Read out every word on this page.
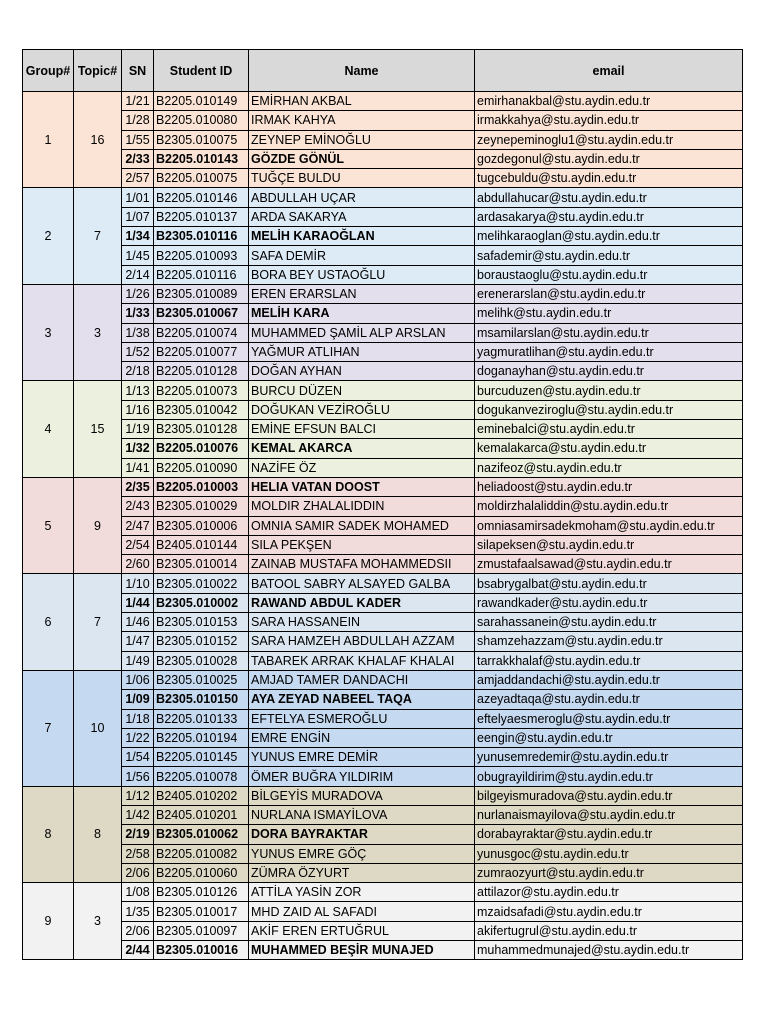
Group#	Topic#	SN	Student ID	Name	email
1	16	1/21	B2205.010149	EMİRHAN AKBAL	emirhanakbal@stu.aydin.edu.tr
		1/28	B2205.010080	IRMAK KAHYA	irmakkahya@stu.aydin.edu.tr
		1/55	B2305.010075	ZEYNEP EMİNOĞLU	zeynepeminoglu1@stu.aydin.edu.tr
		2/33	B2205.010143	GÖZDE GÖNÜL	gozdegonul@stu.aydin.edu.tr
		2/57	B2205.010075	TUĞÇE BULDU	tugcebuldu@stu.aydin.edu.tr
2	7	1/01	B2205.010146	ABDULLAH UÇAR	abdullahucar@stu.aydin.edu.tr
		1/07	B2205.010137	ARDA SAKARYA	ardasakarya@stu.aydin.edu.tr
		1/34	B2305.010116	MELİH KARAOĞLAN	melihkaraoglan@stu.aydin.edu.tr
		1/45	B2205.010093	SAFA DEMİR	safademir@stu.aydin.edu.tr
		2/14	B2205.010116	BORA BEY USTAOĞLU	boraustaoglu@stu.aydin.edu.tr
3	3	1/26	B2305.010089	EREN ERARSLAN	erenerarslan@stu.aydin.edu.tr
		1/33	B2305.010067	MELİH KARA	melihk@stu.aydin.edu.tr
		1/38	B2205.010074	MUHAMMED ŞAMİL ALP ARSLAN	msamilarslan@stu.aydin.edu.tr
		1/52	B2205.010077	YAĞMUR ATLIHAN	yagmuratlihan@stu.aydin.edu.tr
		2/18	B2205.010128	DOĞAN AYHAN	doganayhan@stu.aydin.edu.tr
4	15	1/13	B2205.010073	BURCU DÜZEN	burcuduzen@stu.aydin.edu.tr
		1/16	B2305.010042	DOĞUKAN VEZİROĞLU	dogukanveziroglu@stu.aydin.edu.tr
		1/19	B2305.010128	EMİNE EFSUN BALCI	eminebalci@stu.aydin.edu.tr
		1/32	B2205.010076	KEMAL AKARCA	kemalakarca@stu.aydin.edu.tr
		1/41	B2205.010090	NAZİFE ÖZ	nazifeoz@stu.aydin.edu.tr
5	9	2/35	B2205.010003	HELIA VATAN DOOST	heliadoost@stu.aydin.edu.tr
		2/43	B2305.010029	MOLDIR ZHALALIDDIN	moldirzhalaliddin@stu.aydin.edu.tr
		2/47	B2305.010006	OMNIA SAMIR SADEK MOHAMED	omniasamirsadekmoham@stu.aydin.edu.tr
		2/54	B2405.010144	SILA PEKŞEN	silapeksen@stu.aydin.edu.tr
		2/60	B2305.010014	ZAINAB MUSTAFA MOHAMMEDSII	zmustafaalsawad@stu.aydin.edu.tr
6	7	1/10	B2305.010022	BATOOL SABRY ALSAYED GALBA	bsabrygalbat@stu.aydin.edu.tr
		1/44	B2305.010002	RAWAND ABDUL KADER	rawandkader@stu.aydin.edu.tr
		1/46	B2305.010153	SARA HASSANEIN	sarahassanein@stu.aydin.edu.tr
		1/47	B2305.010152	SARA HAMZEH ABDULLAH AZZAM	shamzehazzam@stu.aydin.edu.tr
		1/49	B2305.010028	TABAREK ARRAK KHALAF KHALAI	tarrakkhalaf@stu.aydin.edu.tr
7	10	1/06	B2305.010025	AMJAD TAMER DANDACHI	amjaddandachi@stu.aydin.edu.tr
		1/09	B2305.010150	AYA ZEYAD NABEEL TAQA	azeyadtaqa@stu.aydin.edu.tr
		1/18	B2205.010133	EFTELYA ESMEROĞLU	eftelyaesmeroglu@stu.aydin.edu.tr
		1/22	B2205.010194	EMRE ENGİN	eengin@stu.aydin.edu.tr
		1/54	B2205.010145	YUNUS EMRE DEMİR	yunusemredemir@stu.aydin.edu.tr
		1/56	B2205.010078	ÖMER BUĞRA YILDIRIM	obugrayildirim@stu.aydin.edu.tr
8	8	1/12	B2405.010202	BİLGEYİS MURADOVA	bilgeyismuradova@stu.aydin.edu.tr
		1/42	B2405.010201	NURLANA ISMAYİLOVA	nurlanaismayilova@stu.aydin.edu.tr
		2/19	B2305.010062	DORA BAYRAKTAR	dorabayraktar@stu.aydin.edu.tr
		2/58	B2205.010082	YUNUS EMRE GÖÇ	yunusgoc@stu.aydin.edu.tr
		2/06	B2205.010060	ZÜMRA ÖZYURT	zumraozyurt@stu.aydin.edu.tr
9	3	1/08	B2305.010126	ATTİLA YASİN ZOR	attilazor@stu.aydin.edu.tr
		1/35	B2305.010017	MHD ZAID AL SAFADI	mzaidsafadi@stu.aydin.edu.tr
		2/06	B2305.010097	AKİF EREN ERTUĞRUL	akifertugrul@stu.aydin.edu.tr
		2/44	B2305.010016	MUHAMMED BEŞİR MUNAJED	muhammedmunajed@stu.aydin.edu.tr
